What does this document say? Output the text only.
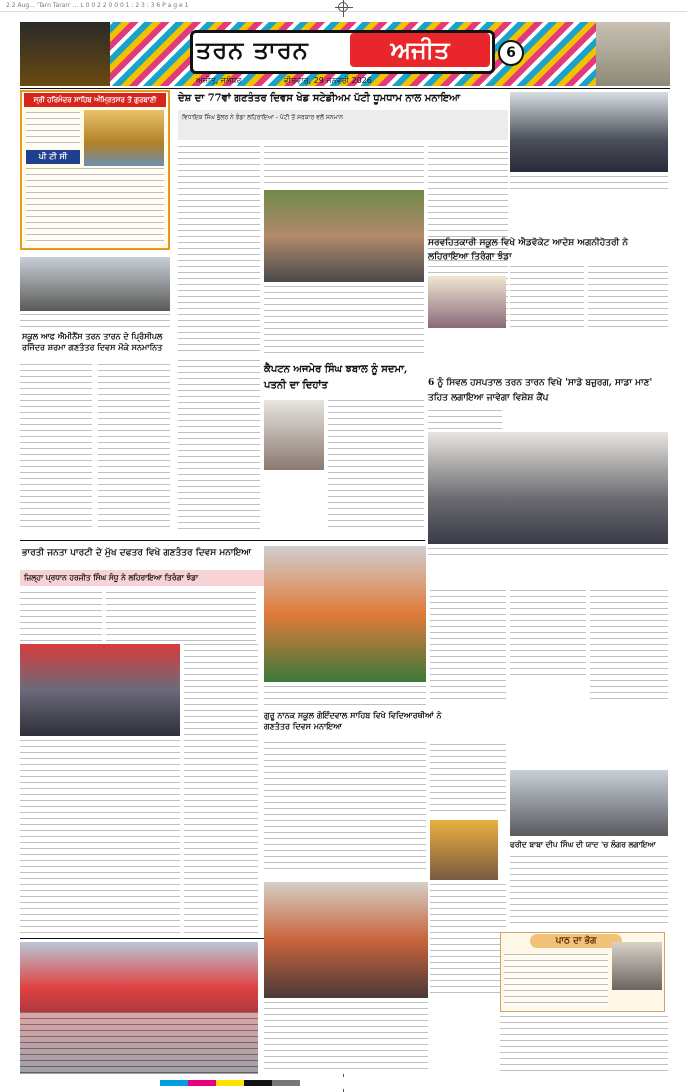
2.2 Aug... 'Tarn Taran' ... L 0 0 2 2 0 0 0 1 : 2 3 : 3 6 P a g e 1
ਤਰਨ ਤਾਰਨ	ਅਜੀਤ	6
ਅਜੀਤ, ਜਲੰਧਰ	ਵੀਰਵਾਰ, 29 ਜਨਵਰੀ 2026
ਸ੍ਰੀ ਹਰਿਮੰਦਰ ਸਾਹਿਬ ਅੰਮ੍ਰਿਤਸਰ ਤੋਂ ਗੁਰਬਾਣੀ
ਪੀ ਟੀ ਸੀ
ਸਕੂਲ ਆਫ ਐਮੀਨੈਂਸ ਤਰਨ ਤਾਰਨ ਦੇ ਪ੍ਰਿੰਸੀਪਲ ਰਜਿੰਦਰ ਸ਼ਰਮਾ ਗਣਤੰਤਰ ਦਿਵਸ ਮੌਕੇ ਸਨਮਾਨਿਤ
ਦੇਸ਼ ਦਾ 77ਵਾਂ ਗਣਤੰਤਰ ਦਿਵਸ ਖੇਡ ਸਟੇਡੀਅਮ ਪੱਟੀ ਧੂਮਧਾਮ ਨਾਲ ਮਨਾਇਆ
ਵਿਧਾਇਕ ਸਿੰਘ ਭੁੱਲਰ ਨੇ ਝੰਡਾ ਲਹਿਰਾਇਆ - ਪੱਟੀ ਤੋਂ ਸਰਕਾਰ ਵਲੋਂ ਸਨਮਾਨ
ਸਰਵਹਿਤਕਾਰੀ ਸਕੂਲ ਵਿਖੇ ਐਡਵੋਕੇਟ ਆਦੇਸ਼ ਅਗਨੀਹੋਤਰੀ ਨੇ ਲਹਿਰਾਇਆ ਤਿਰੰਗਾ ਝੰਡਾ
ਕੈਪਟਨ ਅਜਮੇਰ ਸਿੰਘ ਝਬਾਲ ਨੂੰ ਸਦਮਾ, ਪਤਨੀ ਦਾ ਦਿਹਾਂਤ	6 ਨੂੰ ਸਿਵਲ ਹਸਪਤਾਲ ਤਰਨ ਤਾਰਨ ਵਿਖੇ 'ਸਾਡੇ ਬਜ਼ੁਰਗ, ਸਾਡਾ ਮਾਣ' ਤਹਿਤ ਲਗਾਇਆ ਜਾਵੇਗਾ ਵਿਸ਼ੇਸ਼ ਕੈਂਪ
ਭਾਰਤੀ ਜਨਤਾ ਪਾਰਟੀ ਦੇ ਮੁੱਖ ਦਫਤਰ ਵਿਖੇ ਗਣਤੰਤਰ ਦਿਵਸ ਮਨਾਇਆ
ਜ਼ਿਲ੍ਹਾ ਪ੍ਰਧਾਨ ਹਰਜੀਤ ਸਿੰਘ ਸੰਧੂ ਨੇ ਲਹਿਰਾਇਆ ਤਿਰੰਗਾ ਝੰਡਾ
ਗੁਰੂ ਨਾਨਕ ਸਕੂਲ ਗੋਇੰਦਵਾਲ ਸਾਹਿਬ ਵਿਖੇ ਵਿਦਿਆਰਥੀਆਂ ਨੇ ਗਣਤੰਤਰ ਦਿਵਸ ਮਨਾਇਆ
ਫਰੀਦ ਬਾਬਾ ਦੀਪ ਸਿੰਘ ਦੀ ਯਾਦ 'ਚ ਲੰਗਰ ਲਗਾਇਆ
ਪਾਠ ਦਾ ਭੋਗ
